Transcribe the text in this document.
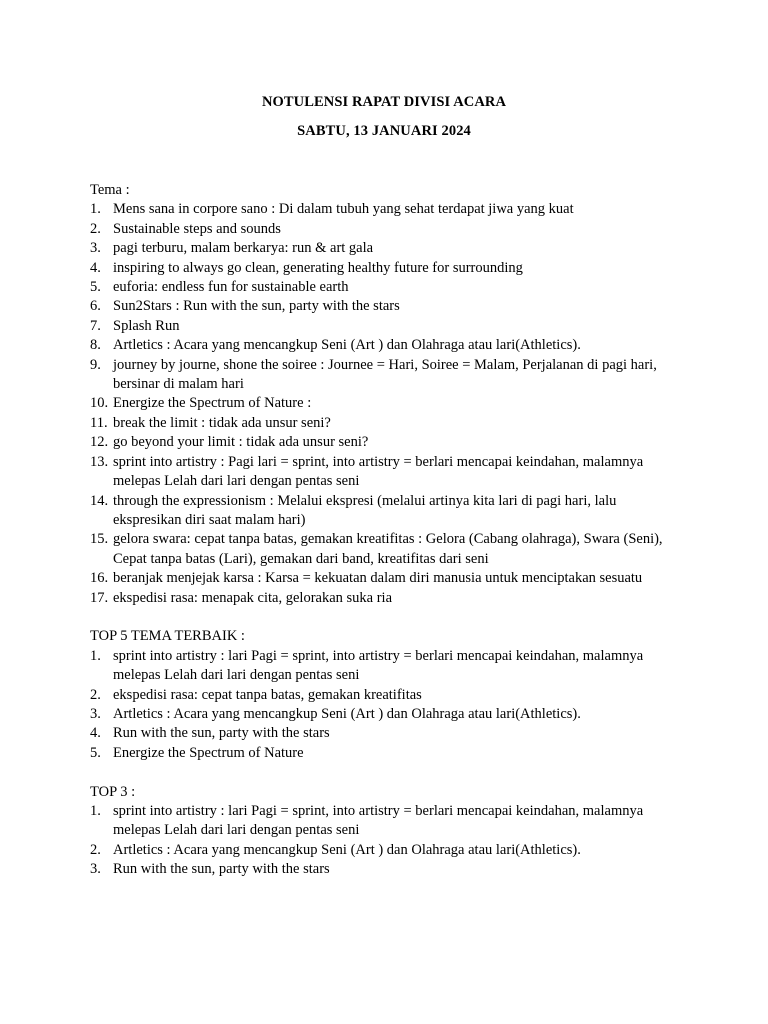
NOTULENSI RAPAT DIVISI ACARA
SABTU, 13 JANUARI 2024
Tema :
1. Mens sana in corpore sano : Di dalam tubuh yang sehat terdapat jiwa yang kuat
2. Sustainable steps and sounds
3. pagi terburu, malam berkarya: run & art gala
4. inspiring to always go clean, generating healthy future for surrounding
5. euforia: endless fun for sustainable earth
6. Sun2Stars : Run with the sun, party with the stars
7. Splash Run
8. Artletics : Acara yang mencangkup Seni (Art ) dan Olahraga atau lari(Athletics).
9. journey by journe, shone the soiree : Journee = Hari, Soiree = Malam, Perjalanan di pagi hari, bersinar di malam hari
10. Energize the Spectrum of Nature :
11. break the limit : tidak ada unsur seni?
12. go beyond your limit : tidak ada unsur seni?
13. sprint into artistry : Pagi lari = sprint, into artistry = berlari mencapai keindahan, malamnya melepas Lelah dari lari dengan pentas seni
14. through the expressionism : Melalui ekspresi (melalui artinya kita lari di pagi hari, lalu ekspresikan diri saat malam hari)
15. gelora swara: cepat tanpa batas, gemakan kreatifitas : Gelora (Cabang olahraga), Swara (Seni), Cepat tanpa batas (Lari), gemakan dari band, kreatifitas dari seni
16. beranjak menjejak karsa : Karsa = kekuatan dalam diri manusia untuk menciptakan sesuatu
17. ekspedisi rasa: menapak cita, gelorakan suka ria
TOP 5 TEMA TERBAIK :
1. sprint into artistry : lari Pagi = sprint, into artistry = berlari mencapai keindahan, malamnya melepas Lelah dari lari dengan pentas seni
2. ekspedisi rasa: cepat tanpa batas, gemakan kreatifitas
3. Artletics : Acara yang mencangkup Seni (Art ) dan Olahraga atau lari(Athletics).
4. Run with the sun, party with the stars
5. Energize the Spectrum of Nature
TOP 3 :
1. sprint into artistry : lari Pagi = sprint, into artistry = berlari mencapai keindahan, malamnya melepas Lelah dari lari dengan pentas seni
2. Artletics : Acara yang mencangkup Seni (Art ) dan Olahraga atau lari(Athletics).
3. Run with the sun, party with the stars
